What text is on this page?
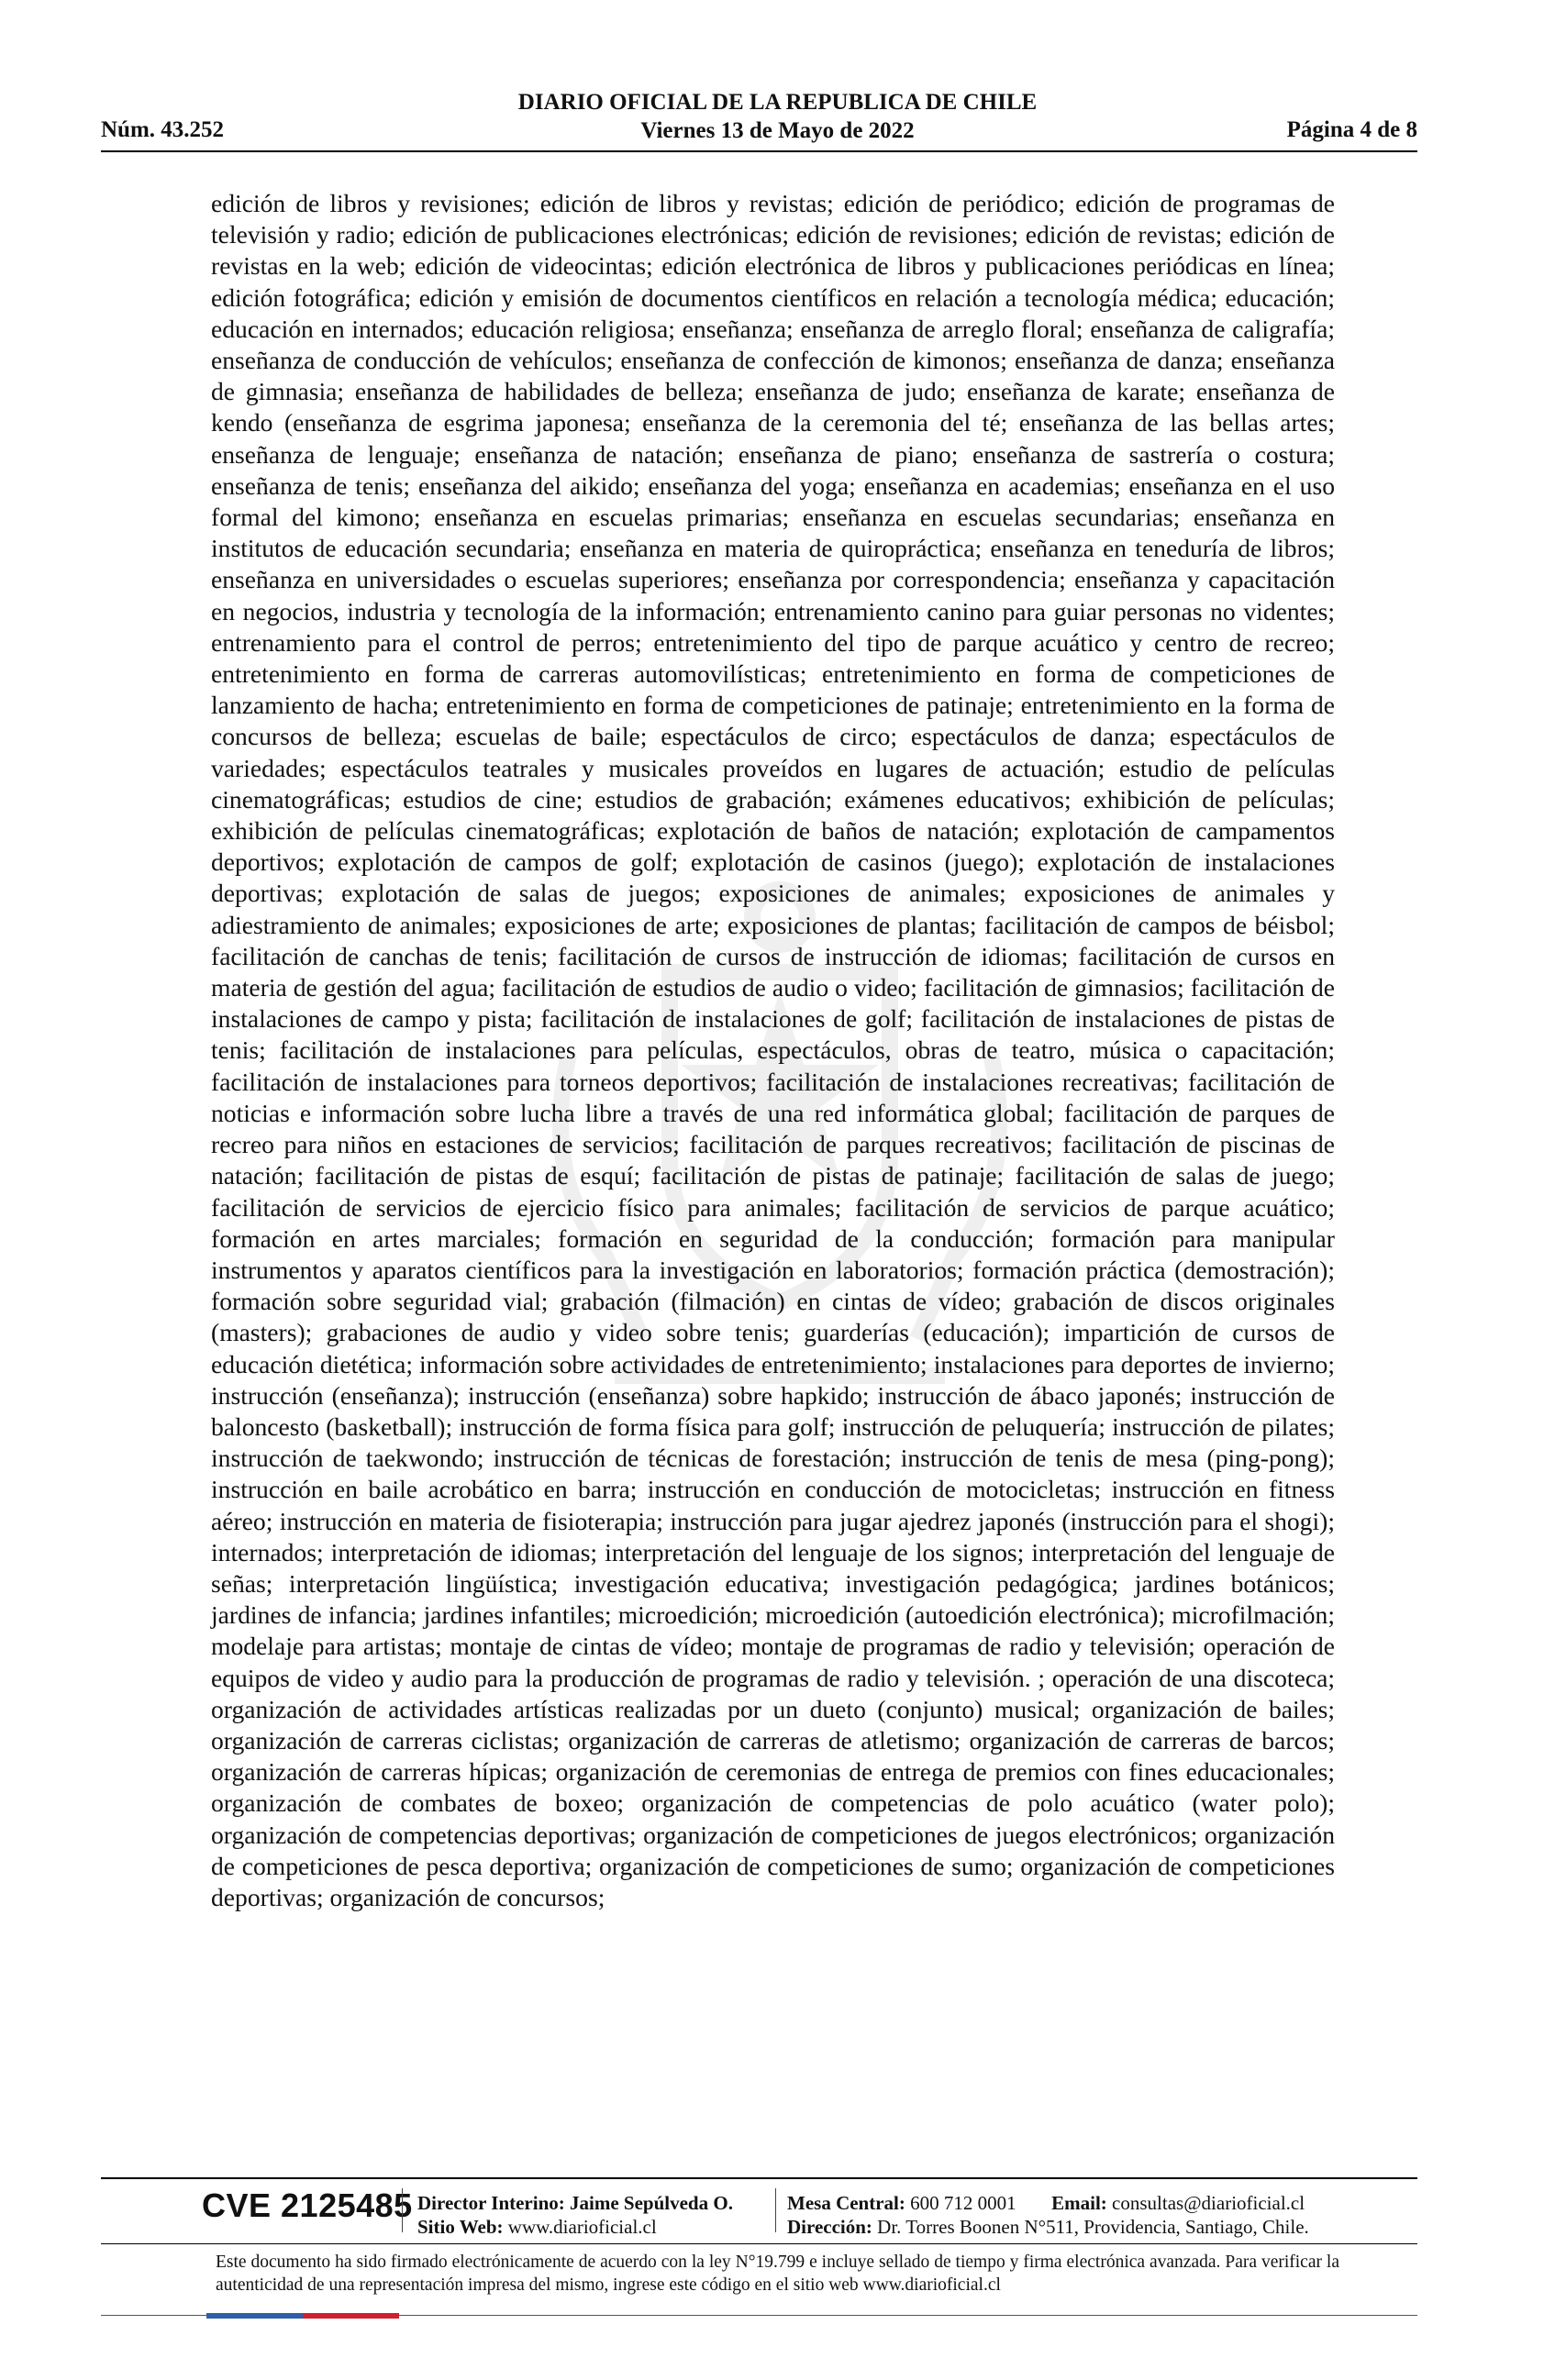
DIARIO OFICIAL DE LA REPUBLICA DE CHILE
Viernes 13 de Mayo de 2022
Núm. 43.252	Página 4 de 8
edición de libros y revisiones; edición de libros y revistas; edición de periódico; edición de programas de televisión y radio; edición de publicaciones electrónicas; edición de revisiones; edición de revistas; edición de revistas en la web; edición de videocintas; edición electrónica de libros y publicaciones periódicas en línea; edición fotográfica; edición y emisión de documentos científicos en relación a tecnología médica; educación; educación en internados; educación religiosa; enseñanza; enseñanza de arreglo floral; enseñanza de caligrafía; enseñanza de conducción de vehículos; enseñanza de confección de kimonos; enseñanza de danza; enseñanza de gimnasia; enseñanza de habilidades de belleza; enseñanza de judo; enseñanza de karate; enseñanza de kendo (enseñanza de esgrima japonesa; enseñanza de la ceremonia del té; enseñanza de las bellas artes; enseñanza de lenguaje; enseñanza de natación; enseñanza de piano; enseñanza de sastrería o costura; enseñanza de tenis; enseñanza del aikido; enseñanza del yoga; enseñanza en academias; enseñanza en el uso formal del kimono; enseñanza en escuelas primarias; enseñanza en escuelas secundarias; enseñanza en institutos de educación secundaria; enseñanza en materia de quiropráctica; enseñanza en teneduría de libros; enseñanza en universidades o escuelas superiores; enseñanza por correspondencia; enseñanza y capacitación en negocios, industria y tecnología de la información; entrenamiento canino para guiar personas no videntes; entrenamiento para el control de perros; entretenimiento del tipo de parque acuático y centro de recreo; entretenimiento en forma de carreras automovilísticas; entretenimiento en forma de competiciones de lanzamiento de hacha; entretenimiento en forma de competiciones de patinaje; entretenimiento en la forma de concursos de belleza; escuelas de baile; espectáculos de circo; espectáculos de danza; espectáculos de variedades; espectáculos teatrales y musicales proveídos en lugares de actuación; estudio de películas cinematográficas; estudios de cine; estudios de grabación; exámenes educativos; exhibición de películas; exhibición de películas cinematográficas; explotación de baños de natación; explotación de campamentos deportivos; explotación de campos de golf; explotación de casinos (juego); explotación de instalaciones deportivas; explotación de salas de juegos; exposiciones de animales; exposiciones de animales y adiestramiento de animales; exposiciones de arte; exposiciones de plantas; facilitación de campos de béisbol; facilitación de canchas de tenis; facilitación de cursos de instrucción de idiomas; facilitación de cursos en materia de gestión del agua; facilitación de estudios de audio o video; facilitación de gimnasios; facilitación de instalaciones de campo y pista; facilitación de instalaciones de golf; facilitación de instalaciones de pistas de tenis; facilitación de instalaciones para películas, espectáculos, obras de teatro, música o capacitación; facilitación de instalaciones para torneos deportivos; facilitación de instalaciones recreativas; facilitación de noticias e información sobre lucha libre a través de una red informática global; facilitación de parques de recreo para niños en estaciones de servicios; facilitación de parques recreativos; facilitación de piscinas de natación; facilitación de pistas de esquí; facilitación de pistas de patinaje; facilitación de salas de juego; facilitación de servicios de ejercicio físico para animales; facilitación de servicios de parque acuático; formación en artes marciales; formación en seguridad de la conducción; formación para manipular instrumentos y aparatos científicos para la investigación en laboratorios; formación práctica (demostración); formación sobre seguridad vial; grabación (filmación) en cintas de vídeo; grabación de discos originales (masters); grabaciones de audio y video sobre tenis; guarderías (educación); impartición de cursos de educación dietética; información sobre actividades de entretenimiento; instalaciones para deportes de invierno; instrucción (enseñanza); instrucción (enseñanza) sobre hapkido; instrucción de ábaco japonés; instrucción de baloncesto (basketball); instrucción de forma física para golf; instrucción de peluquería; instrucción de pilates; instrucción de taekwondo; instrucción de técnicas de forestación; instrucción de tenis de mesa (ping-pong); instrucción en baile acrobático en barra; instrucción en conducción de motocicletas; instrucción en fitness aéreo; instrucción en materia de fisioterapia; instrucción para jugar ajedrez japonés (instrucción para el shogi); internados; interpretación de idiomas; interpretación del lenguaje de los signos; interpretación del lenguaje de señas; interpretación lingüística; investigación educativa; investigación pedagógica; jardines botánicos; jardines de infancia; jardines infantiles; microedición; microedición (autoedición electrónica); microfilmación; modelaje para artistas; montaje de cintas de vídeo; montaje de programas de radio y televisión; operación de equipos de video y audio para la producción de programas de radio y televisión. ; operación de una discoteca; organización de actividades artísticas realizadas por un dueto (conjunto) musical; organización de bailes; organización de carreras ciclistas; organización de carreras de atletismo; organización de carreras de barcos; organización de carreras hípicas; organización de ceremonias de entrega de premios con fines educacionales; organización de combates de boxeo; organización de competencias de polo acuático (water polo); organización de competencias deportivas; organización de competiciones de juegos electrónicos; organización de competiciones de pesca deportiva; organización de competiciones de sumo; organización de competiciones deportivas; organización de concursos;
CVE 2125485 Director Interino: Jaime Sepúlveda O.
Sitio Web: www.diarioficial.cl
Mesa Central: 600 712 0001 Email: consultas@diarioficial.cl
Dirección: Dr. Torres Boonen N°511, Providencia, Santiago, Chile.
Este documento ha sido firmado electrónicamente de acuerdo con la ley N°19.799 e incluye sellado de tiempo y firma electrónica avanzada. Para verificar la autenticidad de una representación impresa del mismo, ingrese este código en el sitio web www.diarioficial.cl
